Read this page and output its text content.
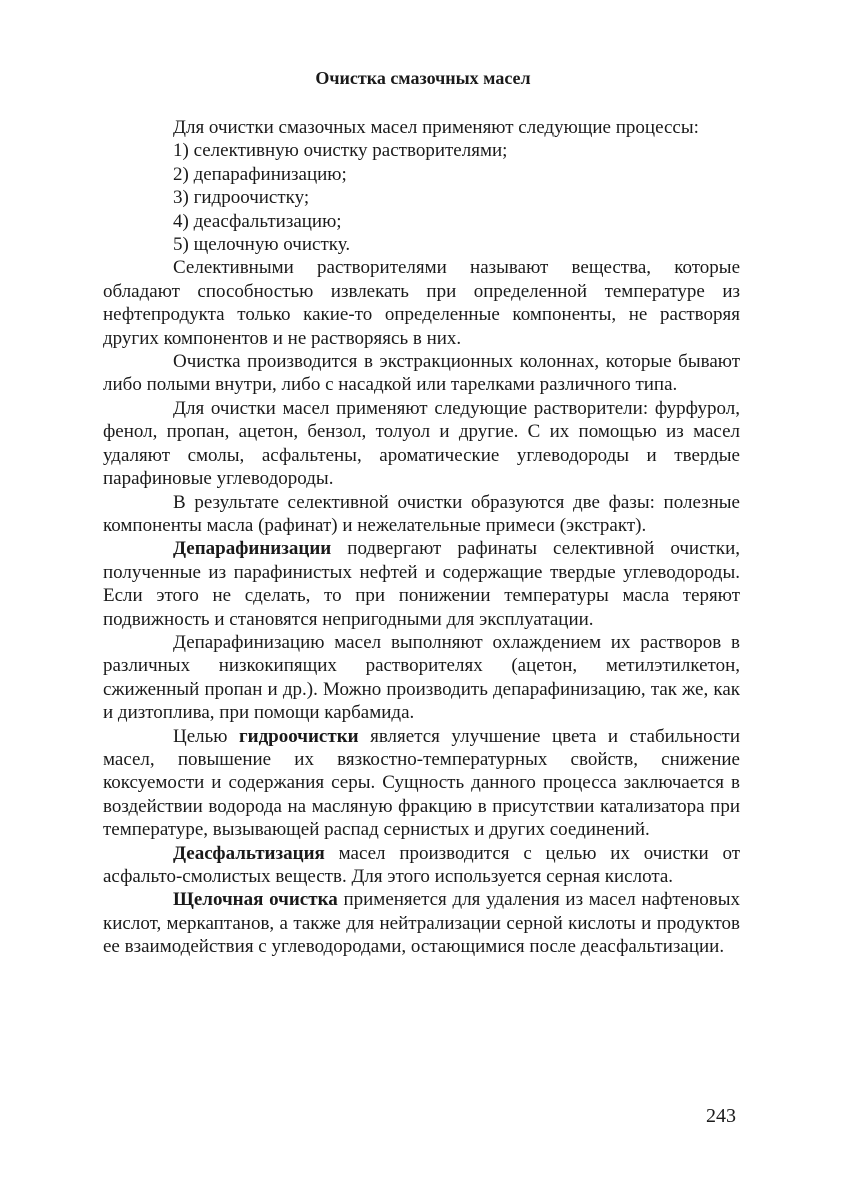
Очистка смазочных масел

Для очистки смазочных масел применяют следующие процессы:

1) селективную очистку растворителями;

2) депарафинизацию;

3) гидроочистку;

4) деасфальтизацию;

5) щелочную очистку.

Селективными растворителями называют вещества, которые обладают способностью извлекать при определенной температуре из нефтепродукта только какие-то определенные компоненты, не растворяя других компонентов и не растворяясь в них.

Очистка производится в экстракционных колоннах, которые бывают либо полыми внутри, либо с насадкой или тарелками различного типа.

Для очистки масел применяют следующие растворители: фурфурол, фенол, пропан, ацетон, бензол, толуол и другие. С их помощью из масел удаляют смолы, асфальтены, ароматические углеводороды и твердые парафиновые углеводороды.

В результате селективной очистки образуются две фазы: полезные компоненты масла (рафинат) и нежелательные примеси (экстракт).

Депарафинизации подвергают рафинаты селективной очистки, полученные из парафинистых нефтей и содержащие твердые углеводороды. Если этого не сделать, то при понижении температуры масла теряют подвижность и становятся непригодными для эксплуатации.

Депарафинизацию масел выполняют охлаждением их растворов в различных низкокипящих растворителях (ацетон, метилэтилкетон, сжиженный пропан и др.). Можно производить депарафинизацию, так же, как и дизтоплива, при помощи карбамида.

Целью гидроочистки является улучшение цвета и стабильности масел, повышение их вязкостно-температурных свойств, снижение коксуемости и содержания серы. Сущность данного процесса заключается в воздействии водорода на масляную фракцию в присутствии катализатора при температуре, вызывающей распад сернистых и других соединений.

Деасфальтизация масел производится с целью их очистки от асфальто-смолистых веществ. Для этого используется серная кислота.

Щелочная очистка применяется для удаления из масел нафтеновых кислот, меркаптанов, а также для нейтрализации серной кислоты и продуктов ее взаимодействия с углеводородами, остающимися после деасфальтизации.

243
